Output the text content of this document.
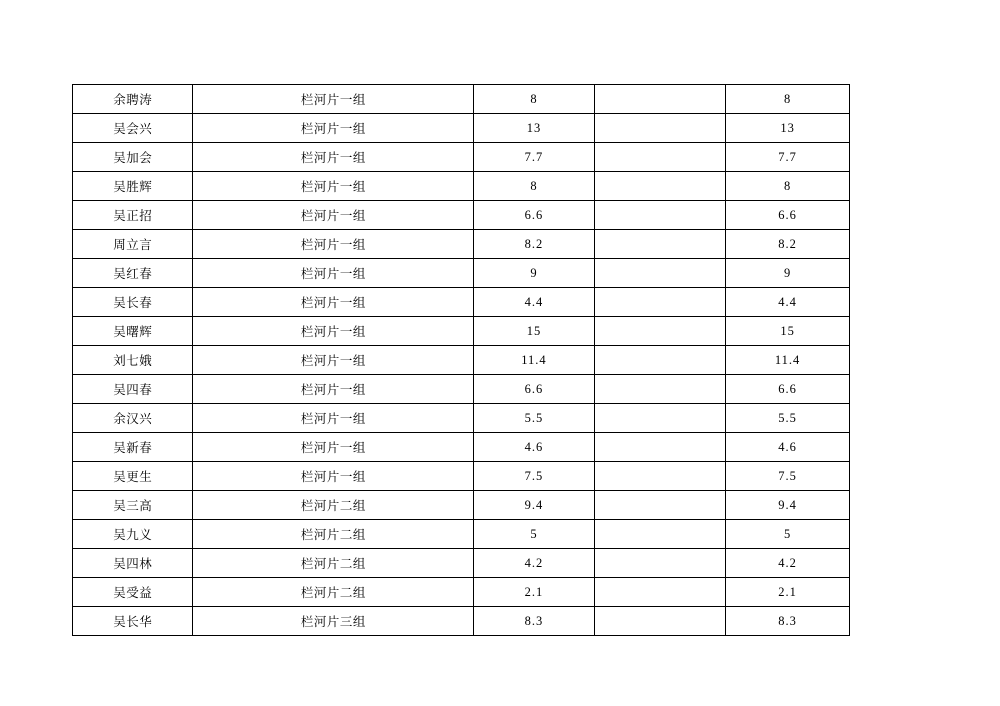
余聘涛	栏河片一组	8		8
吴会兴	栏河片一组	13		13
吴加会	栏河片一组	7.7		7.7
吴胜辉	栏河片一组	8		8
吴正招	栏河片一组	6.6		6.6
周立言	栏河片一组	8.2		8.2
吴红春	栏河片一组	9		9
吴长春	栏河片一组	4.4		4.4
吴曙辉	栏河片一组	15		15
刘七娥	栏河片一组	11.4		11.4
吴四春	栏河片一组	6.6		6.6
余汉兴	栏河片一组	5.5		5.5
吴新春	栏河片一组	4.6		4.6
吴更生	栏河片一组	7.5		7.5
吴三高	栏河片二组	9.4		9.4
吴九义	栏河片二组	5		5
吴四林	栏河片二组	4.2		4.2
吴受益	栏河片二组	2.1		2.1
吴长华	栏河片三组	8.3		8.3
